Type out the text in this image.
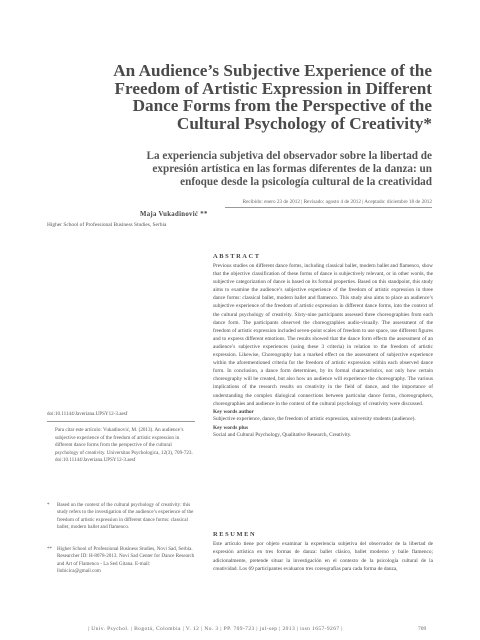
An Audience’s Subjective Experience of the Freedom of Artistic Expression in Different Dance Forms from the Perspective of the Cultural Psychology of Creativity*
La experiencia subjetiva del observador sobre la libertad de expresión artística en las formas diferentes de la danza: un enfoque desde la psicología cultural de la creatividad
Recibido: enero 23 de 2012 | Revisado: agosto 4 de 2012 | Aceptado: diciembre 18 de 2012
Maja Vukadinović **
Higher School of Professional Business Studies, Serbia
ABSTRACT
Previous studies on different dance forms, including classical ballet, modern ballet and flamenco, show that the objective classification of these forms of dance is subjectively relevant, or in other words, the subjective categorization of dance is based on its formal properties. Based on this standpoint, this study aims to examine the audience’s subjective experience of the freedom of artistic expression in three dance forms: classical ballet, modern ballet and flamenco. This study also aims to place an audience’s subjective experience of the freedom of artistic expression in different dance forms, into the context of the cultural psychology of creativity. Sixty-nine participants assessed three choreographies from each dance form. The participants observed the choreographies audio-visually. The assessment of the freedom of artistic expression included seven-point scales of freedom to use space, use different figures and to express different emotions. The results showed that the dance form effects the assessment of an audience’s subjective experiences (using these 3 criteria) in relation to the freedom of artistic expression. Likewise, Choreography has a marked effect on the assessment of subjective experience within the aforementioned criteria for the freedom of artistic expression within each observed dance form. In conclusion, a dance form determines, by its formal characteristics, not only how certain choreography will be created, but also how an audience will experience the choreography. The various implications of the research results on creativity in the field of dance, and the importance of understanding the complex dialogical connections between particular dance forms, choreographers, choreographies and audience in the context of the cultural psychology of creativity were discussed.
Key words author
Subjective experience, dance, the freedom of artistic expression, university students (audience).
Key words plus
Social and Cultural Psychology, Qualitative Research, Creativity.
RESUMEN
Este artículo tiene por objeto examinar la experiencia subjetiva del observador de la libertad de expresión artística en tres formas de danza: ballet clásico, ballet moderno y baile flamenco; adicionalmente, pretende situar la investigación en el contexto de la psicología cultural de la creatividad. Los 69 participantes evaluaron tres coreografías para cada forma de danza,
doi:10.11144/Javeriana.UPSY12-3.aesf
Para citar este artículo: Vukadinović, M. (2013). An audience’s subjective experience of the freedom of artistic expression in different dance forms from the perspective of the cultural psychology of creativity. Universitas Psychologica, 12(3), 709-723. doi:10.11144/Javeriana.UPSY12-3.aesf
*	Based on the context of the cultural psychology of creativity: this study refers to the investigation of the audience’s experience of the freedom of artistic expression in different dance forms: classical ballet, modern ballet and flamenco.
** Higher School of Professional Business Studies, Novi Sad, Serbia. Researcher ID: H-8078-2013. Novi Sad Center for Dance Research and Art of Flamenco - La Sed Gitana. E-mail: llubicica@gmail.com
| Univ. Psychol. | Bogotá, Colombia | V. 12 | No. 3 | PP. 709-723 | jul-sep | 2013 | issn 1657-9267 |	709
